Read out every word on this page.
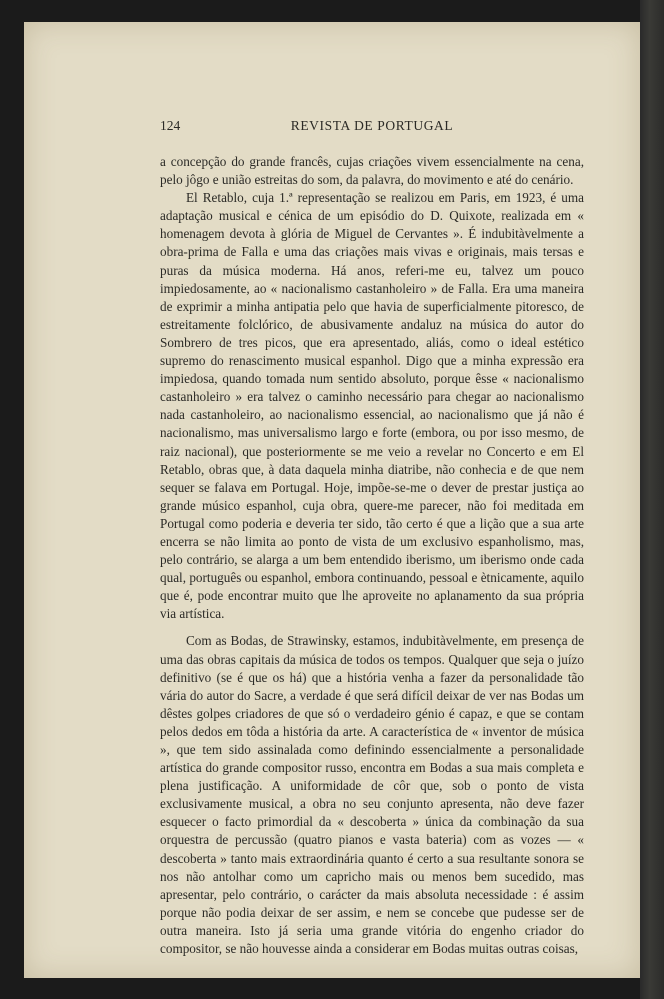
124	REVISTA DE PORTUGAL

a concepção do grande francês, cujas criações vivem essencialmente na cena, pelo jôgo e união estreitas do som, da palavra, do movimento e até do cenário.

El Retablo, cuja 1.ª representação se realizou em Paris, em 1923, é uma adaptação musical e cénica de um episódio do D. Quixote, realizada em « homenagem devota à glória de Miguel de Cervantes ». É indubitàvelmente a obra-prima de Falla e uma das criações mais vivas e originais, mais tersas e puras da música moderna. Há anos, referi-me eu, talvez um pouco impiedosamente, ao « nacionalismo castanholeiro » de Falla. Era uma maneira de exprimir a minha antipatia pelo que havia de superficialmente pitoresco, de estreitamente folclórico, de abusivamente andaluz na música do autor do Sombrero de tres picos, que era apresentado, aliás, como o ideal estético supremo do renascimento musical espanhol. Digo que a minha expressão era impiedosa, quando tomada num sentido absoluto, porque êsse « nacionalismo castanholeiro » era talvez o caminho necessário para chegar ao nacionalismo nada castanholeiro, ao nacionalismo essencial, ao nacionalismo que já não é nacionalismo, mas universalismo largo e forte (embora, ou por isso mesmo, de raiz nacional), que posteriormente se me veio a revelar no Concerto e em El Retablo, obras que, à data daquela minha diatribe, não conhecia e de que nem sequer se falava em Portugal. Hoje, impõe-se-me o dever de prestar justiça ao grande músico espanhol, cuja obra, quere-me parecer, não foi meditada em Portugal como poderia e deveria ter sido, tão certo é que a lição que a sua arte encerra se não limita ao ponto de vista de um exclusivo espanholismo, mas, pelo contrário, se alarga a um bem entendido iberismo, um iberismo onde cada qual, português ou espanhol, embora continuando, pessoal e ètnicamente, aquilo que é, pode encontrar muito que lhe aproveite no aplanamento da sua própria via artística.

Com as Bodas, de Strawinsky, estamos, indubitàvelmente, em presença de uma das obras capitais da música de todos os tempos. Qualquer que seja o juízo definitivo (se é que os há) que a história venha a fazer da personalidade tão vária do autor do Sacre, a verdade é que será difícil deixar de ver nas Bodas um dêstes golpes criadores de que só o verdadeiro génio é capaz, e que se contam pelos dedos em tôda a história da arte. A característica de « inventor de música », que tem sido assinalada como definindo essencialmente a personalidade artística do grande compositor russo, encontra em Bodas a sua mais completa e plena justificação. A uniformidade de côr que, sob o ponto de vista exclusivamente musical, a obra no seu conjunto apresenta, não deve fazer esquecer o facto primordial da « descoberta » única da combinação da sua orquestra de percussão (quatro pianos e vasta bateria) com as vozes — « descoberta » tanto mais extraordinária quanto é certo a sua resultante sonora se nos não antolhar como um capricho mais ou menos bem sucedido, mas apresentar, pelo contrário, o carácter da mais absoluta necessidade : é assim porque não podia deixar de ser assim, e nem se concebe que pudesse ser de outra maneira. Isto já seria uma grande vitória do engenho criador do compositor, se não houvesse ainda a considerar em Bodas muitas outras coisas,
